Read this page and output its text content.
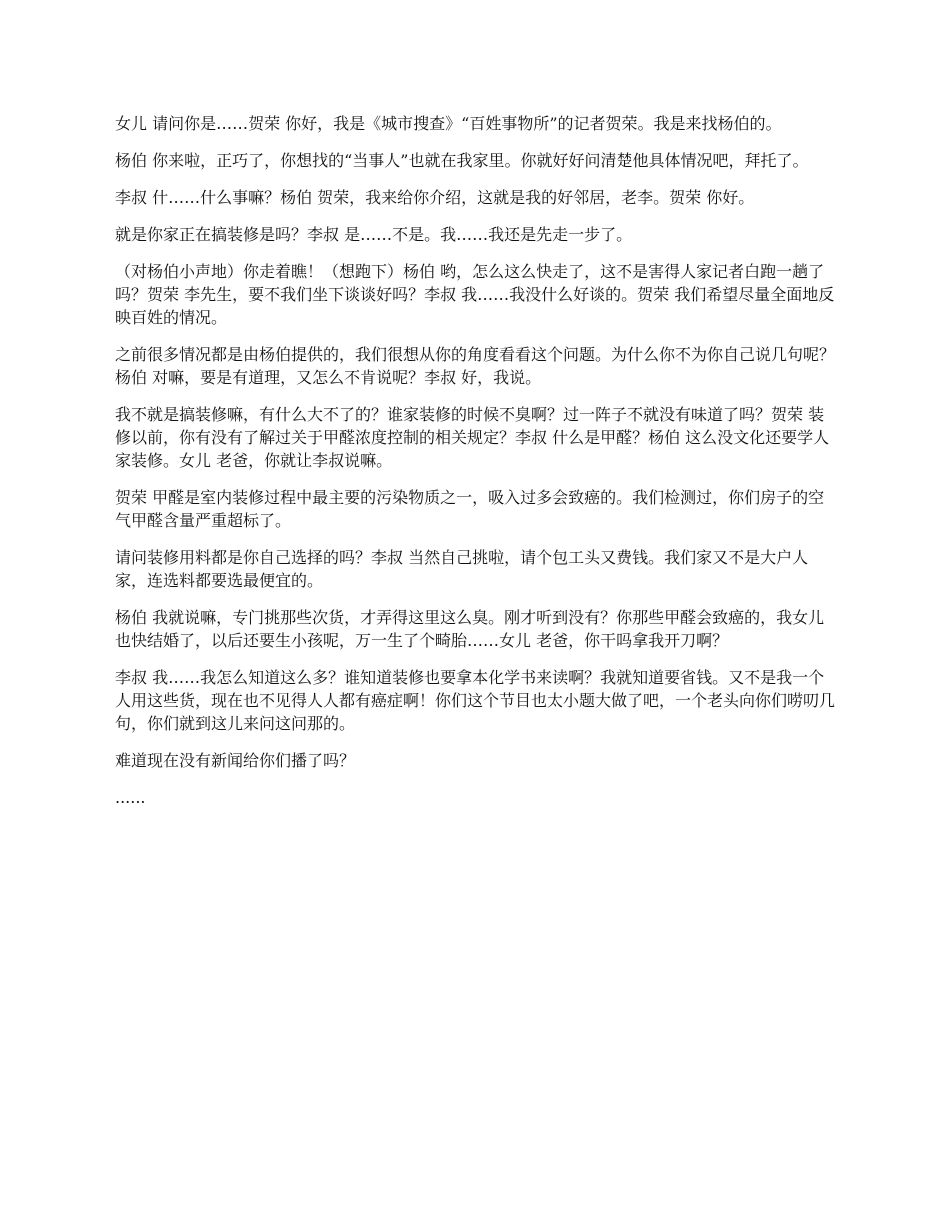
女儿 请问你是……贺荣 你好，我是《城市搜查》“百姓事物所”的记者贺荣。我是来找杨伯的。

杨伯 你来啦，正巧了，你想找的“当事人”也就在我家里。你就好好问清楚他具体情况吧，拜托了。

李叔 什……什么事嘛？杨伯 贺荣，我来给你介绍，这就是我的好邻居，老李。贺荣 你好。

就是你家正在搞装修是吗？李叔 是……不是。我……我还是先走一步了。

（对杨伯小声地）你走着瞧！（想跑下）杨伯 哟，怎么这么快走了，这不是害得人家记者白跑一趟了吗？贺荣 李先生，要不我们坐下谈谈好吗？李叔 我……我没什么好谈的。贺荣 我们希望尽量全面地反映百姓的情况。

之前很多情况都是由杨伯提供的，我们很想从你的角度看看这个问题。为什么你不为你自己说几句呢？杨伯 对嘛，要是有道理，又怎么不肯说呢？李叔 好，我说。

我不就是搞装修嘛，有什么大不了的？谁家装修的时候不臭啊？过一阵子不就没有味道了吗？贺荣 装修以前，你有没有了解过关于甲醛浓度控制的相关规定？李叔 什么是甲醛？杨伯 这么没文化还要学人家装修。女儿 老爸，你就让李叔说嘛。

贺荣 甲醛是室内装修过程中最主要的污染物质之一，吸入过多会致癌的。我们检测过，你们房子的空气甲醛含量严重超标了。

请问装修用料都是你自己选择的吗？李叔 当然自己挑啦，请个包工头又费钱。我们家又不是大户人家，连选料都要选最便宜的。

杨伯 我就说嘛，专门挑那些次货，才弄得这里这么臭。刚才听到没有？你那些甲醛会致癌的，我女儿也快结婚了，以后还要生小孩呢，万一生了个畸胎……女儿 老爸，你干吗拿我开刀啊？

李叔 我……我怎么知道这么多？谁知道装修也要拿本化学书来读啊？我就知道要省钱。又不是我一个人用这些货，现在也不见得人人都有癌症啊！你们这个节目也太小题大做了吧，一个老头向你们唠叨几句，你们就到这儿来问这问那的。

难道现在没有新闻给你们播了吗？

......
